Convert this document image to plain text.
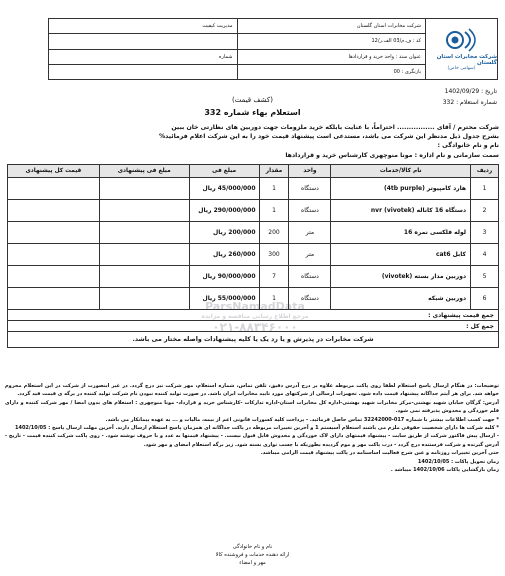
شرکت مخابرات استان گلستان
(سهامی خاص)
شرکت مخابرات استان گلستان
مدیریت کیفیت
کد : ف.م/03 الف.ر/12
عنوان سند : واحد خرید و قراردادها
شماره
بازنگری : 00
تاریخ : 1402/09/29
شماره استعلام : 332
(کشف قیمت)
استعلام بهاء شماره 332
شرکت محترم / آقای ................ احتراماً، با عنایت بابلکه خرید ملزومات جهت دوربین های نظارتی خان ببین
بشرح جدول ذیل مدنظر این شرکت می باشد، مستدعی است پیشنهاد قیمت خود را به این شرکت اعلام فرمائید%
نام و نام خانوادگی :
سمت سازمانی و نام اداره : مونا منوچهری کارشناس خرید و قراردادها
ردیف	نام کالا/خدمات	واحد	مقدار	مبلغ فی	مبلغ فی پیشنهادی	قیمت کل پیشنهادی
1	هارد کامپیوتر (4tb purple)	دستگاه	1	45/000/000 ریال		
2	دستگاه 16 کاناله nvr (vivotek)	دستگاه	1	290/000/000 ریال		
3	لوله فلکسی نمره 16	متر	200	200/000 ریال		
4	کابل cat6	متر	300	260/000 ریال		
5	دوربین مدار بسته (vivotek)	دستگاه	7	90/000/000 ریال		
6	دوربین شبکه	دستگاه	1	55/000/000 ریال		
جمع قیمت پیشنهادی :						
جمع کل :						
شرکت مخابرات در پذیرش و یا رد یک یا کلیه پیشنهادات واصله مختار می باشد.						
توضیحات: در هنگام ارسال پاسخ استعلام لطفا روی پاکت مربوطه علاوه بر درج آدرس دقیق، تلفن تماس، شماره استعلام، مهر شرکت نیز درج گردد. در غیر اینصورت از شرکت در این استعلام محروم خواهد شد. برای هر آیتم جداگانه پیشنهاد قیمت داده شود. تجهیزات ارسالی از شرکتهای مورد تایید مخابرات ایران باشد. در صورت تولید کننده نبودن نام شرکت تولید کننده در برگه ی قیمت قید گردد.
آدرس: گرگان خیابان شهید بهشتی-مرکز مخابرات شهید بهشتی-اداره کل مخابرات استان-اداره تدارکات -کارشناس خرید و قرارداد- مونا منوچهری : استعلام های بدون امضا / مهر شرکت کننده و دارای قلم خوردگی و مخدوش پذیرفته نمی شود.
* جهت کسب اطلاعات بیشتر با شماره 017-32242000 تماس حاصل فرمائید. - پرداخت کلیه کسورات قانونی اعم از بیمه، مالیات و ... به عهده پیمانکار می باشد.
* کلیه شرکت ها دارای شخصیت حقوقی ملزم می باشند استعلام آسیستم 1 و آخرین تغییرات مربوطه در پاکت جداگانه ای همزمان پاسخ استعلام ارسال دارند. آخرین مهلت ارسال پاسخ : 1402/10/05
- ارسال پیش فاکتور شرکت از طریق سایت - پیشنهاد قیمتهای دارای لاک خوردگی و مخدوش قابل قبول نیست. - پیشنهاد قیمتها به عدد و با حروف نوشته شود. - روی پاکت شرکت کننده قیمت - تاریخ - آدرس گیرنده و شرکت فرستنده درج گردد - درب پاکت مهر و موم گردیده بطوریکه با چسب نواری بسته شود. زیر برگه استعلام امضای و مهر شود.
حتی آخرین تغییرات روزنامه و عین شرح فعالیت اساسنامه در پاکت پیشنهاد قیمت الزامی میباشد.
زمان تحویل پاکات : 1402/10/05
زمان بازگشایی پاکات 1402/10/06 میباشد .
نام و نام خانوادگی
ارائه دهنده خدمات و فروشنده کالا
مهر و امضاء
ParsNamadData
مرجع اطلاع رسانی مناقصه و مزایده
۰۲۱-۸۸۳۴۶۰۰۰
